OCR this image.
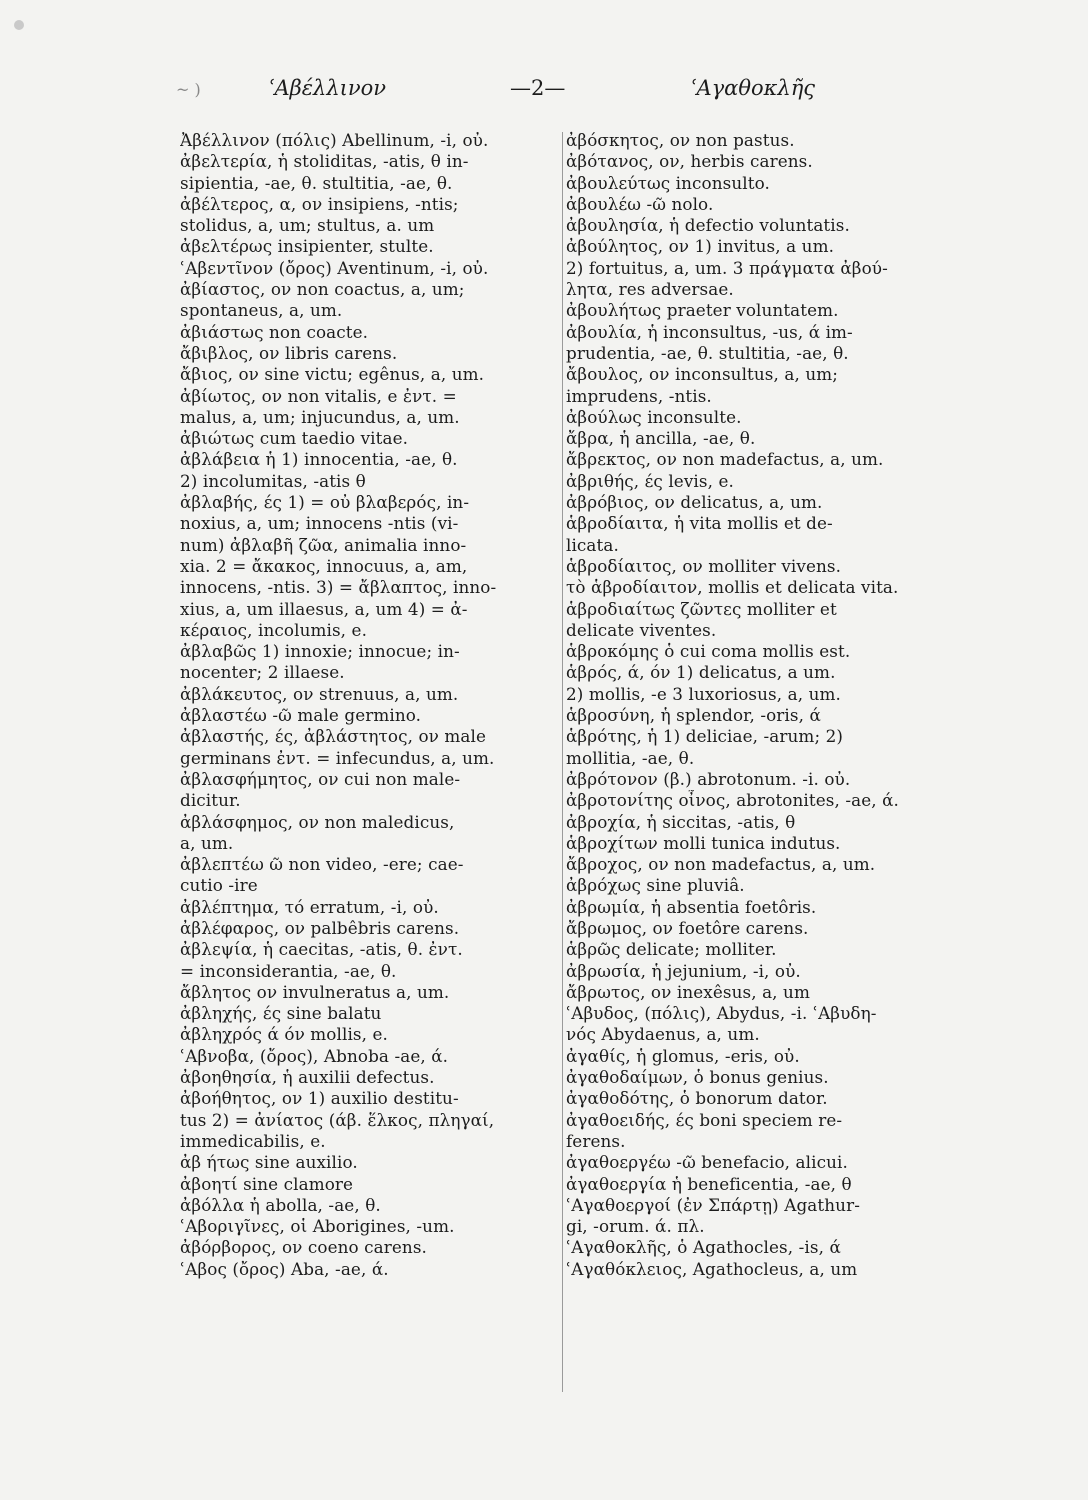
~ )	ʿΑβέλλινον	—2—	ʿΑγαθοκλῆς
Ἀβέλλινον (πόλις) Abellinum, -i, οὐ.
ἀβελτερία, ἡ stoliditas, -atis, θ in-
sipientia, -ae, θ. stultitia, -ae, θ.
ἀβέλτερος, α, ον insipiens, -ntis;
stolidus, a, um; stultus, a. um
ἀβελτέρως insipienter, stulte.
ʿΑβεντῖνον (ὄρος) Aventinum, -i, οὐ.
ἀβίαστος, ον non coactus, a, um;
spontaneus, a, um.
ἀβιάστως non coacte.
ἄβιβλος, ον libris carens.
ἄβιος, ον sine victu; egênus, a, um.
ἀβίωτος, ον non vitalis, e ἐντ. =
malus, a, um; injucundus, a, um.
ἀβιώτως cum taedio vitae.
ἀβλάβεια ἡ 1) innocentia, -ae, θ.
2) incolumitas, -atis θ
ἀβλαβής, ές 1) = οὐ βλαβερός, in-
noxius, a, um; innocens -ntis (vi-
num) ἀβλαβῆ ζῶα, animalia inno-
xia. 2 = ἄκακος, innocuus, a, am,
innocens, -ntis. 3) = ἄβλαπτος, inno-
xius, a, um illaesus, a, um 4) = ἀ-
κέραιος, incolumis, e.
ἀβλαβῶς 1) innoxie; innocue; in-
nocenter; 2 illaese.
ἀβλάκευτος, ον strenuus, a, um.
ἀβλαστέω -ῶ male germino.
ἀβλαστής, ές, ἀβλάστητος, ον male
germinans ἐντ. = infecundus, a, um.
ἀβλασφήμητος, ον cui non male-
dicitur.
ἀβλάσφημος, ον non maledicus,
a, um.
ἀβλεπτέω ῶ non video, -ere; cae-
cutio -ire
ἀβλέπτημα, τό erratum, -i, οὐ.
ἀβλέφαρος, ον palbêbris carens.
ἀβλεψία, ἡ caecitas, -atis, θ. ἐντ.
= inconsiderantia, -ae, θ.
ἄβλητος ον invulneratus a, um.
ἀβληχής, ές sine balatu
ἀβληχρός ά όν mollis, e.
ʿΑβνοβα, (ὄρος), Abnoba -ae, ά.
ἀβοηθησία, ἡ auxilii defectus.
ἀβοήθητος, ον 1) auxilio destitu-
tus 2) = ἀνίατος (άβ. ἕλκος, πληγαί,
immedicabilis, e.
ἀβ ήτως sine auxilio.
ἀβοητί sine clamore
ἀβόλλα ἡ abolla, -ae, θ.
ʿΑβοριγῖνες, οἱ Aborigines, -um.
ἀβόρβορος, ον coeno carens.
ʿΑβος (ὄρος) Aba, -ae, ά.
ἀβόσκητος, ον non pastus.
ἀβότανος, ον, herbis carens.
ἀβουλεύτως inconsulto.
ἀβουλέω -ῶ nolo.
ἀβουλησία, ἡ defectio voluntatis.
ἀβούλητος, ον 1) invitus, a um.
2) fortuitus, a, um. 3 πράγματα ἀβού-
λητα, res adversae.
ἀβουλήτως praeter voluntatem.
ἀβουλία, ἡ inconsultus, -us, ά im-
prudentia, -ae, θ. stultitia, -ae, θ.
ἄβουλος, ον inconsultus, a, um;
imprudens, -ntis.
ἀβούλως inconsulte.
ἄβρα, ἡ ancilla, -ae, θ.
ἄβρεκτος, ον non madefactus, a, um.
ἀβριθής, ές levis, e.
ἀβρόβιος, ον delicatus, a, um.
ἁβροδίαιτα, ἡ vita mollis et de-
licata.
ἁβροδίαιτος, ον molliter vivens.
τὸ ἁβροδίαιτον, mollis et delicata vita.
ἁβροδιαίτως ζῶντες molliter et
delicate viventes.
ἁβροκόμης ὁ cui coma mollis est.
ἁβρός, ά, όν 1) delicatus, a um.
2) mollis, -e 3 luxoriosus, a, um.
ἁβροσύνη, ἡ splendor, -oris, ά
ἁβρότης, ἡ 1) deliciae, -arum; 2)
mollitia, -ae, θ.
ἀβρότονον (β.) abrotonum. -i. οὐ.
ἀβροτονίτης οἶνος, abrotonites, -ae, ά.
ἀβροχία, ἡ siccitas, -atis, θ
ἁβροχίτων molli tunica indutus.
ἄβροχος, ον non madefactus, a, um.
ἀβρόχως sine pluviâ.
ἀβρωμία, ἡ absentia foetôris.
ἄβρωμος, ον foetôre carens.
ἁβρῶς delicate; molliter.
ἀβρωσία, ἡ jejunium, -i, οὐ.
ἄβρωτος, ον inexêsus, a, um
ʿΑβυδος, (πόλις), Abydus, -i. ʿΑβυδη-
νός Abydaenus, a, um.
ἀγαθίς, ἡ glomus, -eris, οὐ.
ἀγαθοδαίμων, ὁ bonus genius.
ἀγαθοδότης, ὁ bonorum dator.
ἀγαθοειδής, ές boni speciem re-
ferens.
ἀγαθοεργέω -ῶ benefacio, alicui.
ἀγαθοεργία ἡ beneficentia, -ae, θ
ʿΑγαθοεργοί (ἐν Σπάρτῃ) Agathur-
gi, -orum. ά. πλ.
ʿΑγαθοκλῆς, ὁ Agathocles, -is, ά
ʿΑγαθόκλειος, Agathocleus, a, um
